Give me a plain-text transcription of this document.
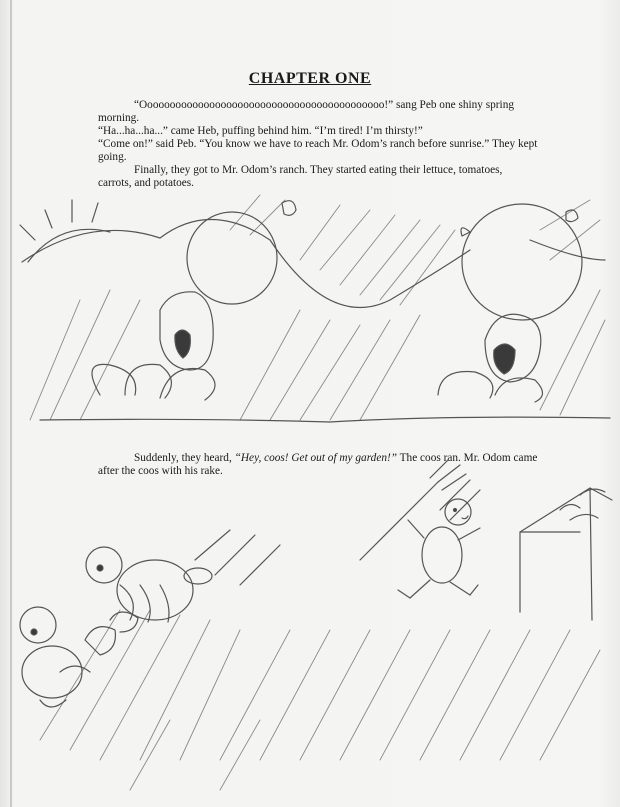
CHAPTER ONE

“Ooooooooooooooooooooooooooooooooooooooooooo!” sang Peb one shiny spring morning.

“Ha...ha...ha...” came Heb, puffing behind him. “I’m tired! I’m thirsty!”

“Come on!” said Peb. “You know we have to reach Mr. Odom’s ranch before sunrise.” They kept going.

Finally, they got to Mr. Odom’s ranch. They started eating their lettuce, tomatoes, carrots, and potatoes.

Suddenly, they heard, “Hey, coos! Get out of my garden!” The coos ran. Mr. Odom came after the coos with his rake.
